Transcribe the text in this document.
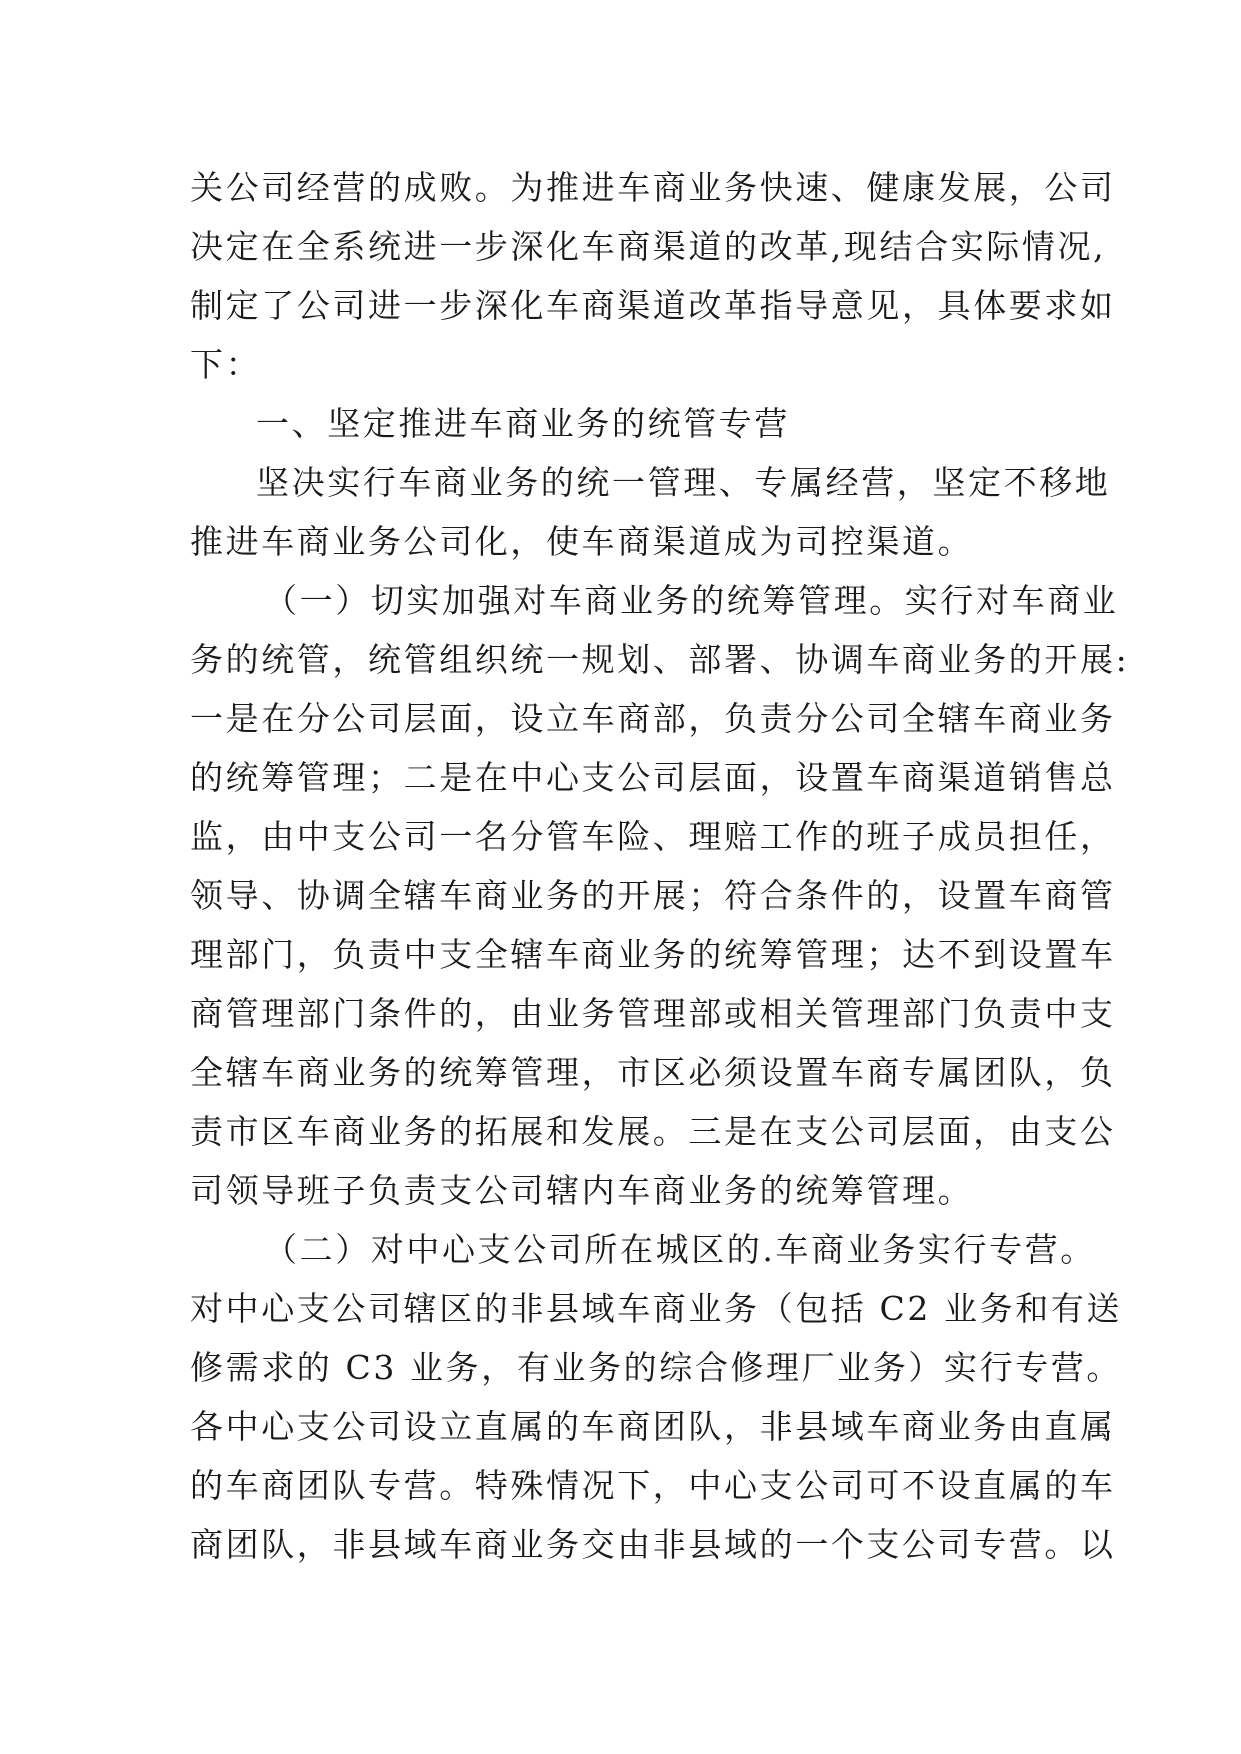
关公司经营的成败。为推进车商业务快速、健康发展，公司
决定在全系统进一步深化车商渠道的改革,现结合实际情况,
制定了公司进一步深化车商渠道改革指导意见，具体要求如
下：
一、坚定推进车商业务的统管专营
坚决实行车商业务的统一管理、专属经营，坚定不移地
推进车商业务公司化，使车商渠道成为司控渠道。
（一）切实加强对车商业务的统筹管理。实行对车商业
务的统管，统管组织统一规划、部署、协调车商业务的开展:
一是在分公司层面，设立车商部，负责分公司全辖车商业务
的统筹管理；二是在中心支公司层面，设置车商渠道销售总
监，由中支公司一名分管车险、理赔工作的班子成员担任，
领导、协调全辖车商业务的开展；符合条件的，设置车商管
理部门，负责中支全辖车商业务的统筹管理；达不到设置车
商管理部门条件的，由业务管理部或相关管理部门负责中支
全辖车商业务的统筹管理，市区必须设置车商专属团队，负
责市区车商业务的拓展和发展。三是在支公司层面，由支公
司领导班子负责支公司辖内车商业务的统筹管理。
（二）对中心支公司所在城区的.车商业务实行专营。
对中心支公司辖区的非县域车商业务（包括 C2 业务和有送
修需求的 C3 业务，有业务的综合修理厂业务）实行专营。
各中心支公司设立直属的车商团队，非县域车商业务由直属
的车商团队专营。特殊情况下，中心支公司可不设直属的车
商团队，非县域车商业务交由非县域的一个支公司专营。以
